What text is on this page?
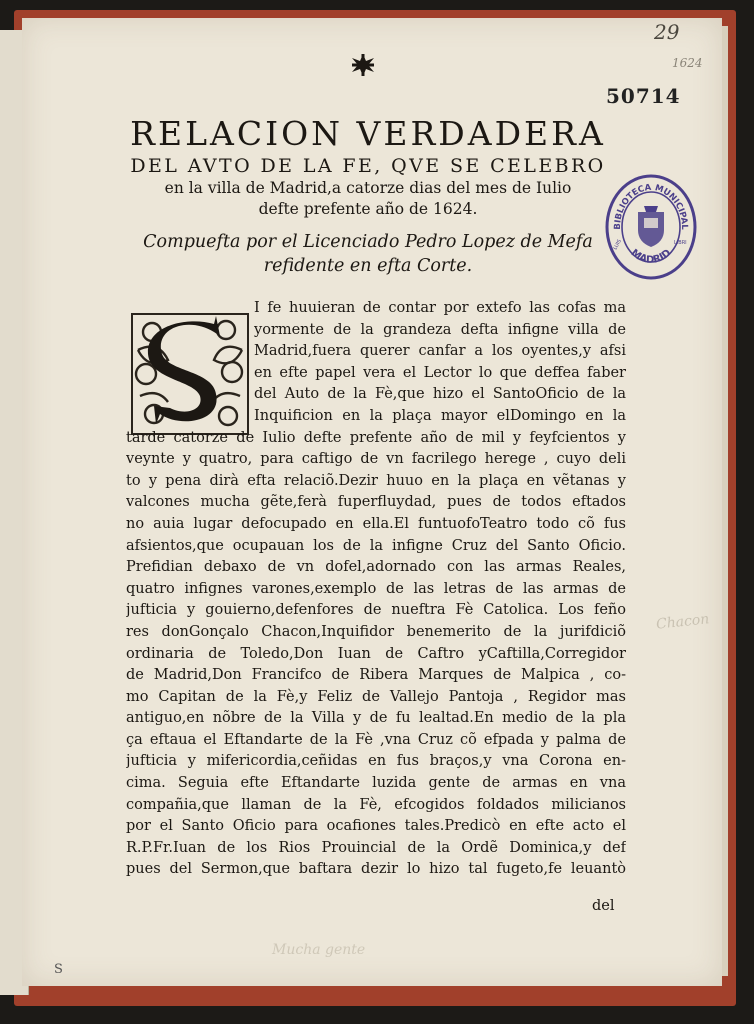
29
1624
50714
BIBLIOTECA MUNICIPAL
MADRID
LUIS	LIBRI

RELACION VERDADERA

DEL AVTO DE LA FE, QVE SE CELEBRO

en la villa de Madrid,a catorze dias del mes de Iulio

defte prefente año de 1624.

Compuefta por el Licenciado Pedro Lopez de Mefa

refidente en efta Corte.

I fe huuieran de contar por extefo las cofas ma
yormente de la grandeza defta infigne villa de
Madrid,fuera querer canfar a los oyentes,y afsi
en efte papel vera el Lector lo que deffea faber
del Auto de la Fè,que hizo el SantoOficio de la
Inquificion en la plaça mayor elDomingo en la
tarde catorze de Iulio defte prefente año de mil y feyfcientos y
veynte y quatro, para caftigo de vn facrilego herege , cuyo deli
to y pena dirà efta relaciõ.Dezir huuo en la plaça en vẽtanas y
valcones mucha gẽte,ferà fuperfluydad, pues de todos eftados
no auia lugar defocupado en ella.El funtuofoTeatro todo cõ fus
afsientos,que ocupauan los de la infigne Cruz del Santo Oficio.
Prefidian debaxo de vn dofel,adornado con las armas Reales,
quatro infignes varones,exemplo de las letras de las armas de
jufticia y gouierno,defenfores de nueftra Fè Catolica. Los feño
res donGonçalo Chacon,Inquifidor benemerito de la jurifdiciõ
ordinaria de Toledo,Don Iuan de Caftro yCaftilla,Corregidor
de Madrid,Don Francifco de Ribera Marques de Malpica , co-
mo Capitan de la Fè,y Feliz de Vallejo Pantoja , Regidor mas
antiguo,en nõbre de la Villa y de fu lealtad.En medio de la pla
ça eftaua el Eftandarte de la Fè ,vna Cruz cõ efpada y palma de
jufticia y mifericordia,ceñidas en fus braços,y vna Corona en-
cima. Seguia efte Eftandarte luzida gente de armas en vna
compañia,que llaman de la Fè, efcogidos foldados milicianos
por el Santo Oficio para ocafiones tales.Predicò en efte acto el
R.P.Fr.Iuan de los Rios Prouincial de la Ordẽ Dominica,y def
pues del Sermon,que baftara dezir lo hizo tal fugeto,fe leuantò
del
Chacon
Mucha gente
S
